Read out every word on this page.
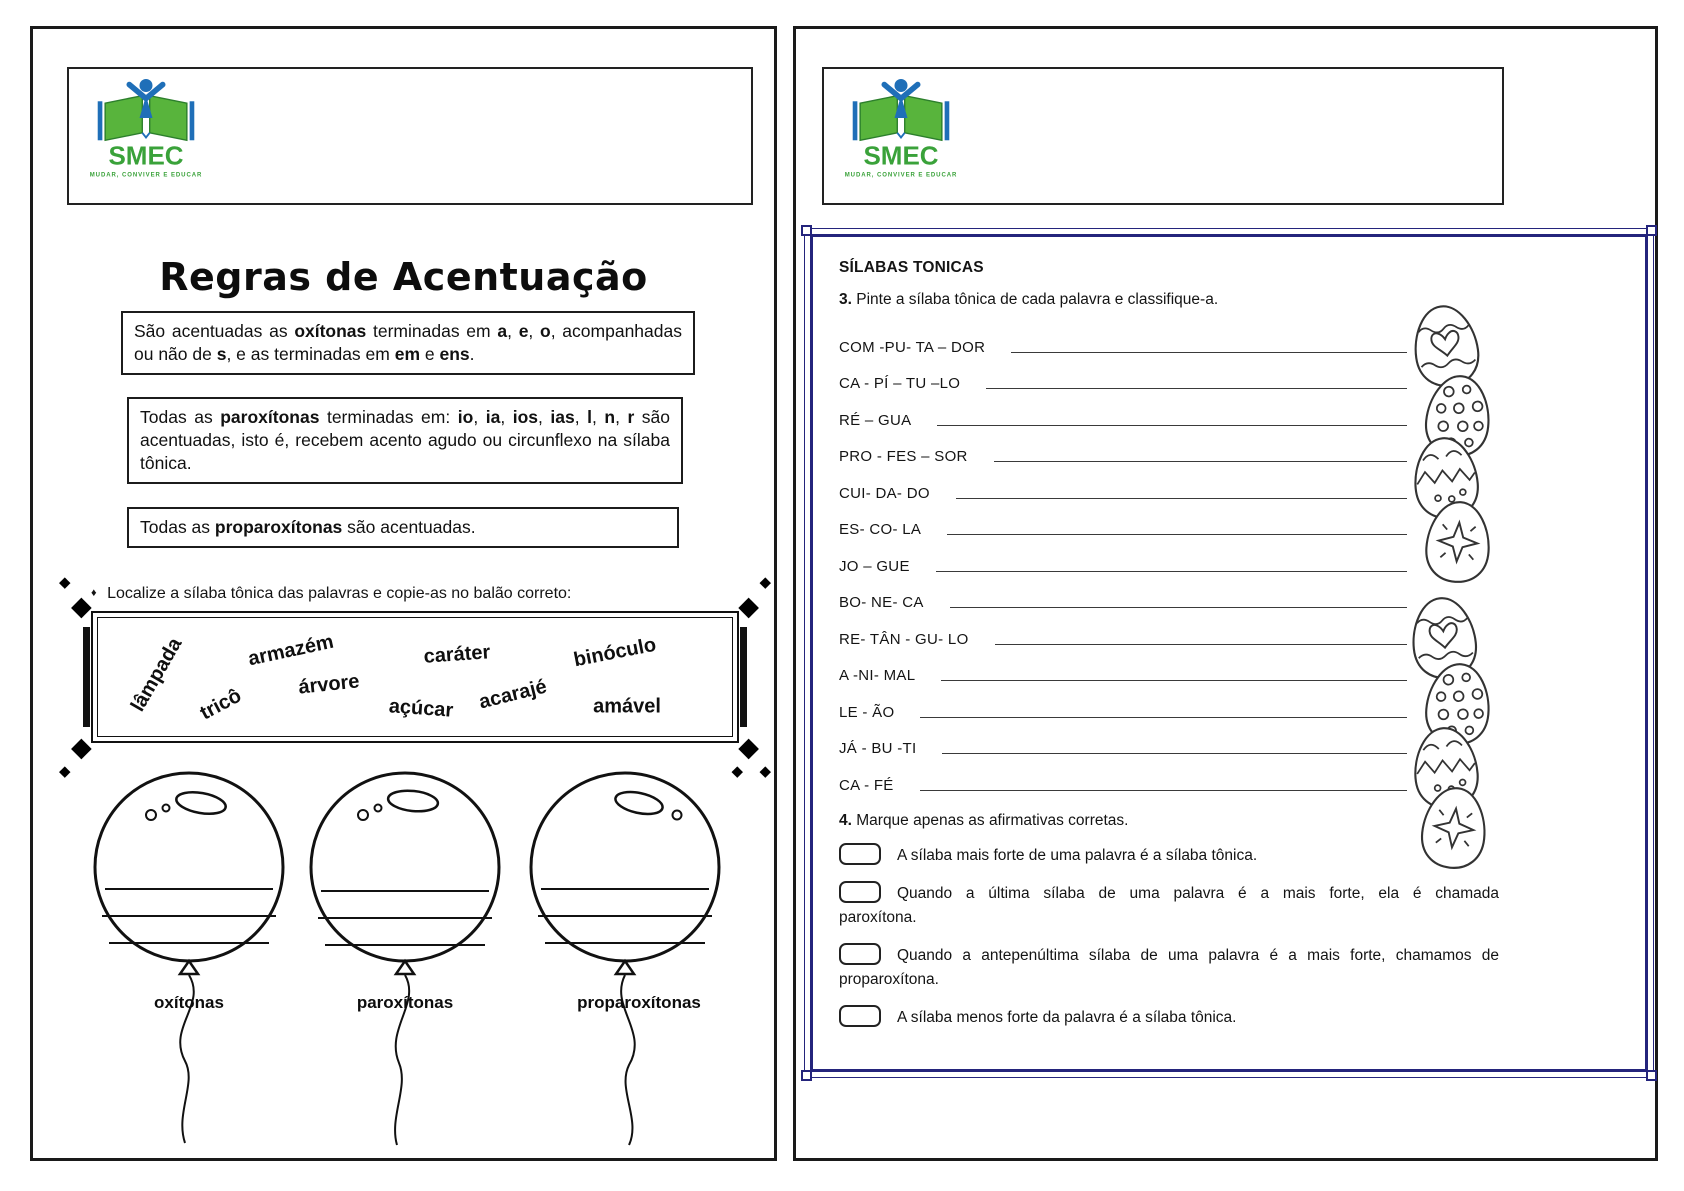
SMEC
MUDAR, CONVIVER E EDUCAR
Regras de Acentuação
São acentuadas as oxítonas terminadas em a, e, o, acompanhadas ou não de s, e as terminadas em em e ens.
Todas as paroxítonas terminadas em: io, ia, ios, ias, l, n, r são acentuadas, isto é, recebem acento agudo ou circunflexo na sílaba tônica.
Todas as proparoxítonas são acentuadas.
♦ Localize a sílaba tônica das palavras e copie-as no balão correto:
◆
◆
◆
◆
◆
◆
◆
◆
◆
lâmpada tricô
armazém
árvore
açúcar
caráter
acarajé
binóculo
amável
oxítonas	paroxítonas	proparoxítonas
SMEC
MUDAR, CONVIVER E EDUCAR
SÍLABAS TONICAS
3. Pinte a sílaba tônica de cada palavra e classifique-a.
COM -PU- TA – DOR
CA - PÍ – TU –LO
RÉ – GUA
PRO - FES – SOR
CUI- DA- DO
ES- CO- LA
JO – GUE
BO- NE- CA
RE- TÂN - GU- LO
A -NI- MAL
LE - ÃO
JÁ - BU -TI
CA - FÉ
4. Marque apenas as afirmativas corretas.
A sílaba mais forte de uma palavra é a sílaba tônica.
Quando a última sílaba de uma palavra é a mais forte, ela é chamada paroxítona.
Quando a antepenúltima sílaba de uma palavra é a mais forte, chamamos de proparoxítona.
A sílaba menos forte da palavra é a sílaba tônica.
